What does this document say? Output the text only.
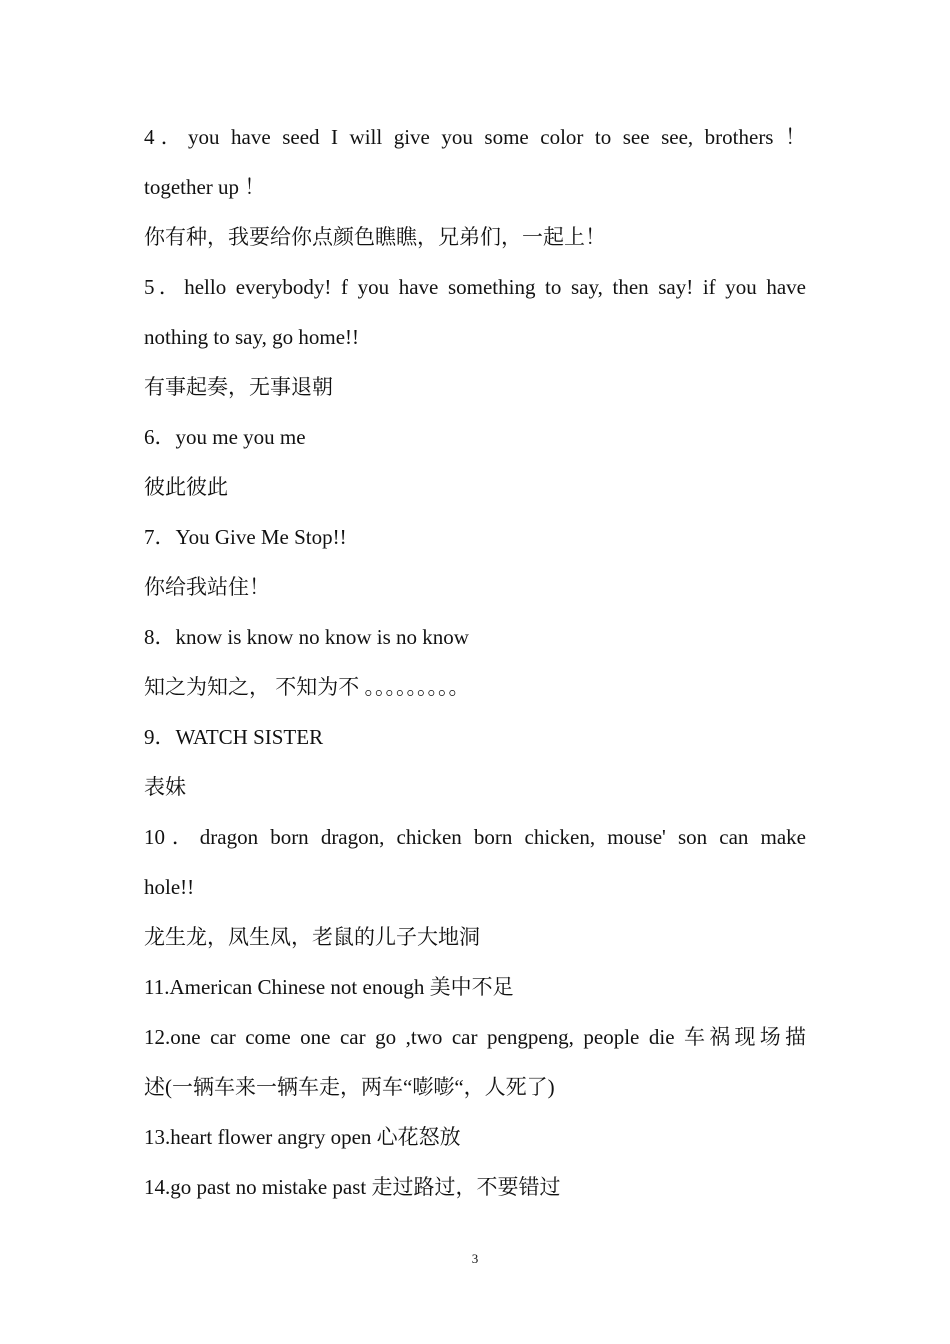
4．you have seed I will give you some color to see see, brothers ！
together up ！
你有种，我要给你点颜色瞧瞧，兄弟们，一起上！
5．hello everybody! f you have something to say, then say! if you have
nothing to say, go home!!
有事起奏，无事退朝
6．you me you me
彼此彼此
7．You Give Me Stop!!
你给我站住！
8．know is know no know is no know
知之为知之， 不知为不 。。。。。。。。。
9．WATCH SISTER
表妹
10．dragon born dragon, chicken born chicken, mouse' son can make
hole!!
龙生龙，凤生凤，老鼠的儿子大地洞
11.American Chinese not enough 美中不足
12.one car come one car go ,two car pengpeng, people die 车祸现场描
述(一辆车来一辆车走，两车“嘭嘭“，人死了)
13.heart flower angry open 心花怒放
14.go past no mistake past 走过路过，不要错过
3
